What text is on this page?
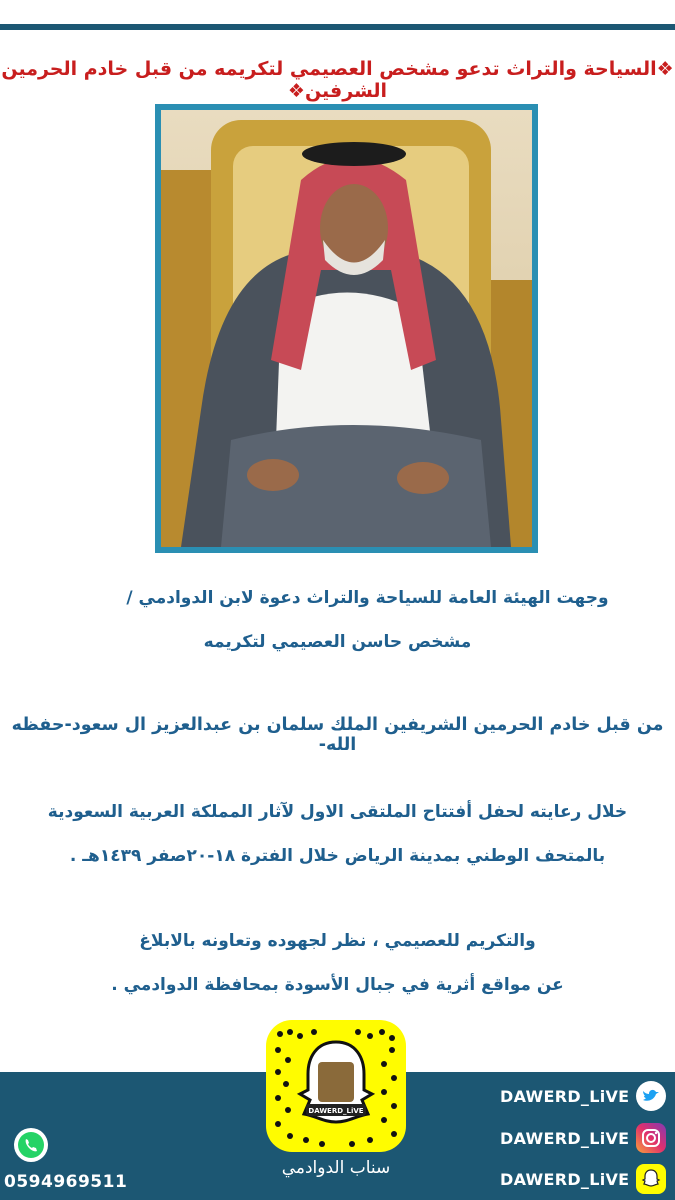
❖السياحة والتراث تدعو مشخص العصيمي لتكريمه من قبل خادم الحرمين الشرفين❖
وجهت الهيئة العامة للسياحة والتراث دعوة لابن الدوادمي /
مشخص حاسن العصيمي لتكريمه
من قبل خادم الحرمين الشريفين الملك سلمان بن عبدالعزيز ال سعود-حفظه الله-
خلال رعايته لحفل أفتتاح الملتقى الاول لآثار المملكة العربية السعودية
بالمتحف الوطني بمدينة الرياض خلال الفترة ١٨-٢٠صفر ١٤٣٩هـ .
والتكريم للعصيمي ، نظر لجهوده وتعاونه بالابلاغ
عن مواقع أثرية في جبال الأسودة بمحافظة الدوادمي .
DAWERD_LiVE
سناب الدوادمي
DAWERD_LiVE
DAWERD_LiVE
DAWERD_LiVE
0594969511
